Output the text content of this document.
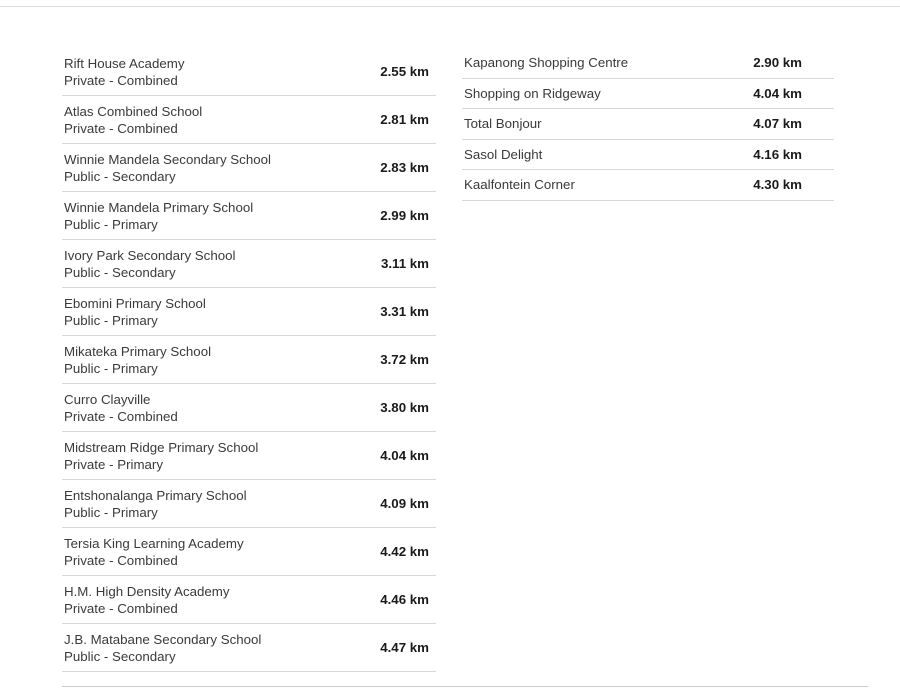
Rift House Academy
Private - Combined
2.55 km
Atlas Combined School
Private - Combined
2.81 km
Winnie Mandela Secondary School
Public - Secondary
2.83 km
Winnie Mandela Primary School
Public - Primary
2.99 km
Ivory Park Secondary School
Public - Secondary
3.11 km
Ebomini Primary School
Public - Primary
3.31 km
Mikateka Primary School
Public - Primary
3.72 km
Curro Clayville
Private - Combined
3.80 km
Midstream Ridge Primary School
Private - Primary
4.04 km
Entshonalanga Primary School
Public - Primary
4.09 km
Tersia King Learning Academy
Private - Combined
4.42 km
H.M. High Density Academy
Private - Combined
4.46 km
J.B. Matabane Secondary School
Public - Secondary
4.47 km
Kapanong Shopping Centre	2.90 km
Shopping on Ridgeway	4.04 km
Total Bonjour	4.07 km
Sasol Delight	4.16 km
Kaalfontein Corner	4.30 km
